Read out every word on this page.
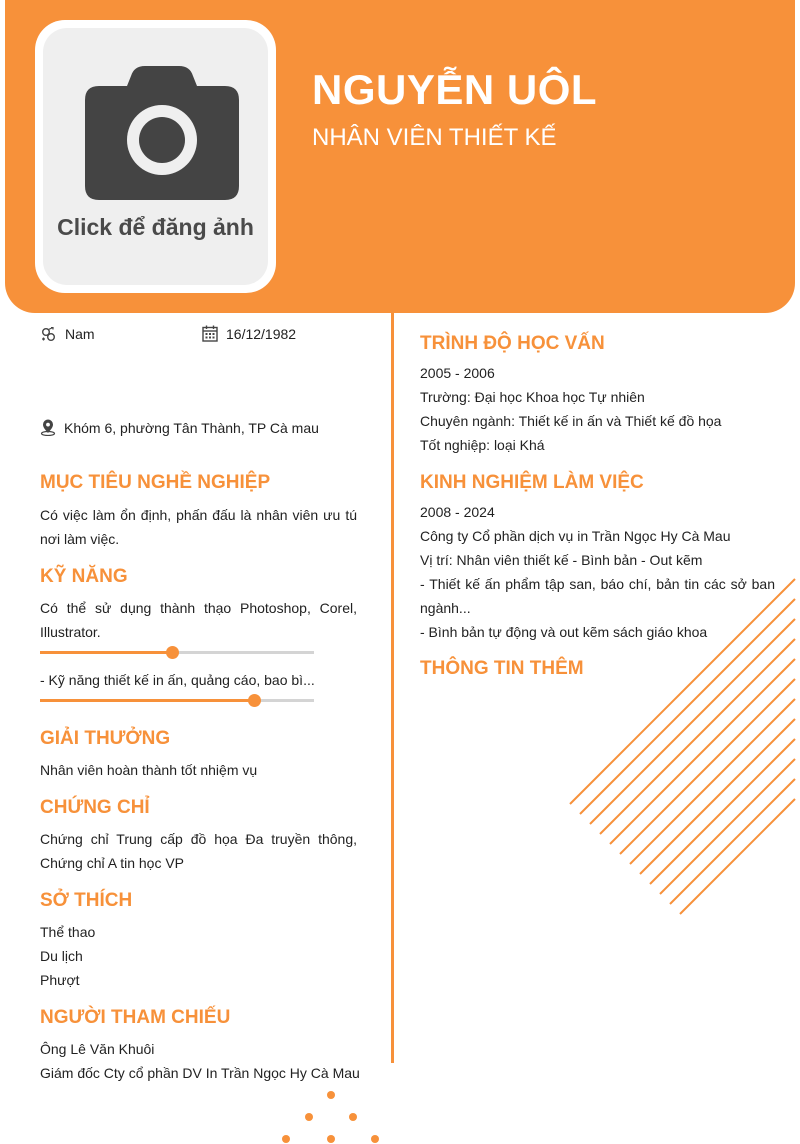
Click để đăng ảnh
NGUYỄN UÔL
NHÂN VIÊN THIẾT KẾ
Nam	16/12/1982
Khóm 6, phường Tân Thành, TP Cà mau
MỤC TIÊU NGHỀ NGHIỆP
Có việc làm ổn định, phấn đấu là nhân viên ưu tú nơi làm việc.
KỸ NĂNG
Có thể sử dụng thành thạo Photoshop, Corel, Illustrator.
- Kỹ năng thiết kế in ấn, quảng cáo, bao bì...
GIẢI THƯỞNG
Nhân viên hoàn thành tốt nhiệm vụ
CHỨNG CHỈ
Chứng chỉ Trung cấp đồ họa Đa truyền thông, Chứng chỉ A tin học VP
SỞ THÍCH
Thể thao
Du lịch
Phượt
NGƯỜI THAM CHIẾU
Ông Lê Văn Khuôi
Giám đốc Cty cổ phần DV In Trần Ngọc Hy Cà Mau
TRÌNH ĐỘ HỌC VẤN
2005 - 2006
Trường: Đại học Khoa học Tự nhiên
Chuyên ngành: Thiết kế in ấn và Thiết kế đồ họa
Tốt nghiệp: loại Khá
KINH NGHIỆM LÀM VIỆC
2008 - 2024
Công ty Cổ phần dịch vụ in Trần Ngọc Hy Cà Mau
Vị trí: Nhân viên thiết kế - Bình bản - Out kẽm
- Thiết kế ấn phẩm tập san, báo chí, bản tin các sở ban ngành...
- Bình bản tự động và out kẽm sách giáo khoa
THÔNG TIN THÊM
